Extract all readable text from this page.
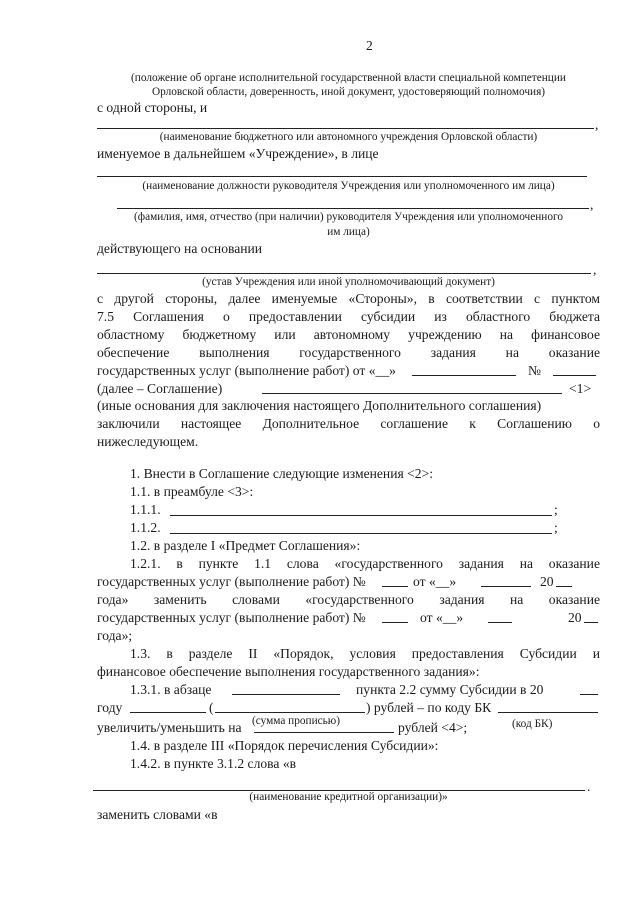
2
(положение об органе исполнительной государственной власти специальной компетенции
Орловской области, доверенность, иной документ, удостоверяющий полномочия)
с одной стороны, и
,
(наименование бюджетного или автономного учреждения Орловской области)
именуемое в дальнейшем «Учреждение», в лице
(наименование должности руководителя Учреждения или уполномоченного им лица)
,
(фамилия, имя, отчество (при наличии) руководителя Учреждения или уполномоченного
им лица)
действующего на основании
,
(устав Учреждения или иной уполномочивающий документ)
с другой стороны, далее именуемые «Стороны», в соответствии с пунктом
7.5 Соглашения о предоставлении субсидии из областного бюджета
областному бюджетному или автономному учреждению на финансовое
обеспечение выполнения государственного задания на оказание
государственных услуг (выполнение работ) от «__»	№
(далее – Соглашение)	<1>
(иные основания для заключения настоящего Дополнительного соглашения)
заключили настоящее Дополнительное соглашение к Соглашению о
нижеследующем.
1. Внести в Соглашение следующие изменения <2>:
1.1. в преамбуле <3>:
1.1.1.	;
1.1.2.	;
1.2. в разделе I «Предмет Соглашения»:
1.2.1. в пункте 1.1 слова «государственного задания на оказание
государственных услуг (выполнение работ) №	от «__»	20
года» заменить словами «государственного задания на оказание
государственных услуг (выполнение работ) №	от «__»	20
года»;
1.3. в разделе II «Порядок, условия предоставления Субсидии и
финансовое обеспечение выполнения государственного задания»:
1.3.1. в абзаце	пункта 2.2 сумму Субсидии в 20
году	(	) рублей – по коду БК
(сумма прописью)	(код БК)
увеличить/уменьшить на	рублей <4>;
1.4. в разделе III «Порядок перечисления Субсидии»:
1.4.2. в пункте 3.1.2 слова «в
.
(наименование кредитной организации)»
заменить словами «в
